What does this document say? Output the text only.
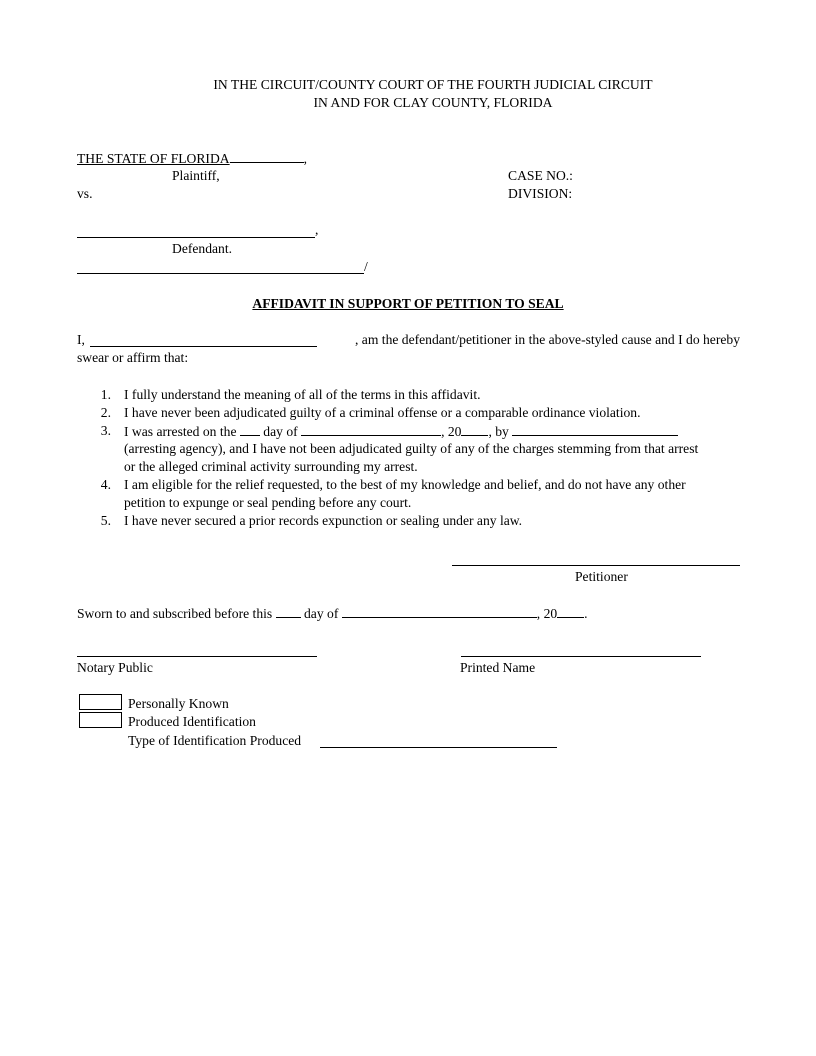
IN THE CIRCUIT/COUNTY COURT OF THE FOURTH JUDICIAL CIRCUIT
IN AND FOR CLAY COUNTY, FLORIDA
THE STATE OF FLORIDA	,
Plaintiff,
vs.
CASE NO.:
DIVISION:
,
Defendant.
/
AFFIDAVIT IN SUPPORT OF PETITION TO SEAL
I,	, am the defendant/petitioner in the above-styled cause and I do hereby
swear or affirm that:
1. I fully understand the meaning of all of the terms in this affidavit.
2. I have never been adjudicated guilty of a criminal offense or a comparable ordinance violation.
3. I was arrested on the day of	, 20 , by
(arresting agency), and I have not been adjudicated guilty of any of the charges stemming from that arrest
or the alleged criminal activity surrounding my arrest.
4. I am eligible for the relief requested, to the best of my knowledge and belief, and do not have any other
petition to expunge or seal pending before any court.
5. I have never secured a prior records expunction or sealing under any law.
Petitioner
Sworn to and subscribed before this day of	, 20 .
Notary Public	Printed Name
Personally Known
Produced Identification
Type of Identification Produced
